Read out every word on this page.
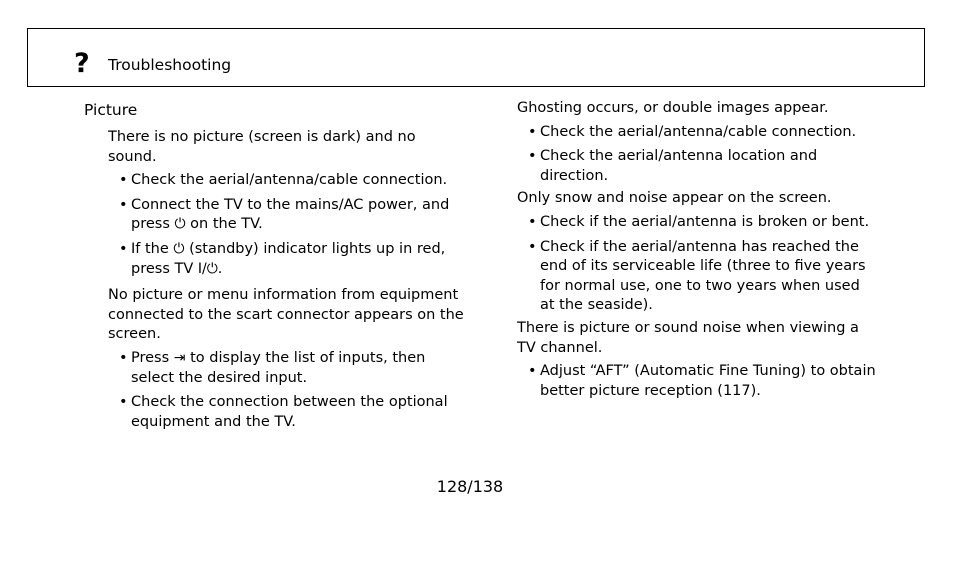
? Troubleshooting
Picture
There is no picture (screen is dark) and no sound.
• Check the aerial/antenna/cable connection.
• Connect the TV to the mains/AC power, and press ⏻ on the TV.
• If the ⏻ (standby) indicator lights up in red, press TV I/⏻.
No picture or menu information from equipment connected to the scart connector appears on the screen.
• Press ⇥ to display the list of inputs, then select the desired input.
• Check the connection between the optional equipment and the TV.
Ghosting occurs, or double images appear.
• Check the aerial/antenna/cable connection.
• Check the aerial/antenna location and direction.
Only snow and noise appear on the screen.
• Check if the aerial/antenna is broken or bent.
• Check if the aerial/antenna has reached the end of its serviceable life (three to five years for normal use, one to two years when used at the seaside).
There is picture or sound noise when viewing a TV channel.
• Adjust “AFT” (Automatic Fine Tuning) to obtain better picture reception (117).
128/138
